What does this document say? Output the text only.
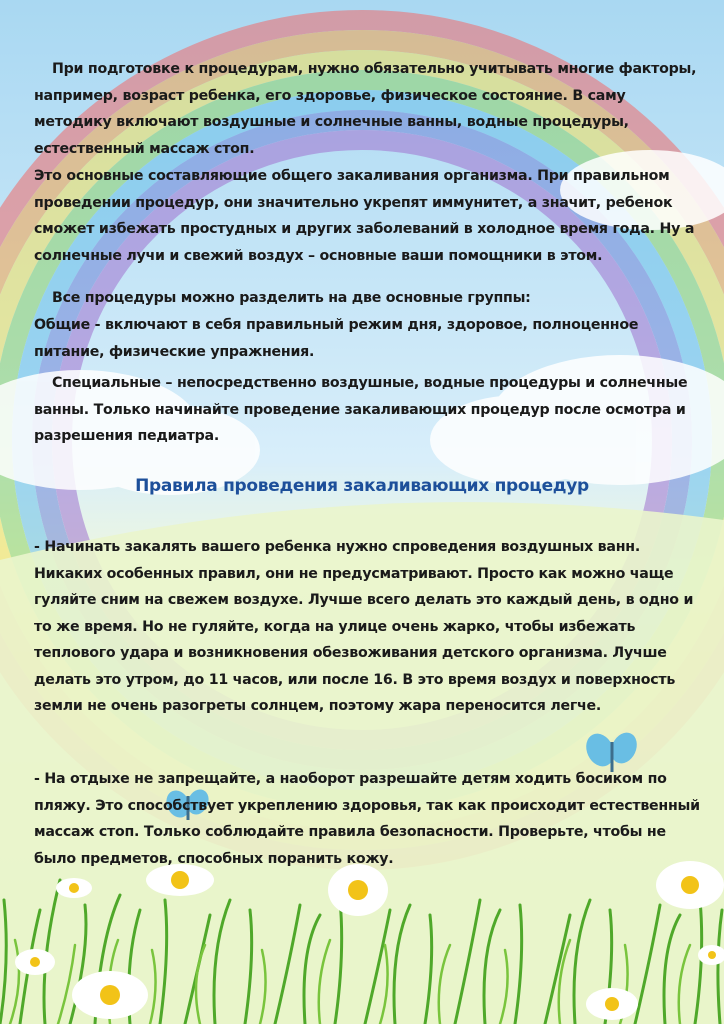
При подготовке к процедурам, нужно обязательно учитывать многие факторы, например, возраст ребенка, его здоровье, физическое состояние. В саму методику включают воздушные и солнечные ванны, водные процедуры, естественный массаж стоп.
Это основные составляющие общего закаливания организма. При правильном проведении процедур, они значительно укрепят иммунитет, а значит, ребенок сможет избежать простудных и других заболеваний в холодное время года. Ну а солнечные лучи и свежий воздух – основные ваши помощники в этом.
Все процедуры можно разделить на две основные группы:
Общие - включают в себя правильный режим дня, здоровое, полноценное питание, физические упражнения.
Специальные – непосредственно воздушные, водные процедуры и солнечные ванны. Только начинайте проведение закаливающих процедур после осмотра и разрешения педиатра.
Правила проведения закаливающих процедур
- Начинать закалять вашего ребенка нужно спроведения воздушных ванн. Никаких особенных правил, они не предусматривают. Просто как можно чаще гуляйте сним на свежем воздухе. Лучше всего делать это каждый день, в одно и то же время. Но не гуляйте, когда на улице очень жарко, чтобы избежать теплового удара и возникновения обезвоживания детского организма. Лучше делать это утром, до 11 часов, или после 16. В это время воздух и поверхность земли не очень разогреты солнцем, поэтому жара переносится легче.
- На отдыхе не запрещайте, а наоборот разрешайте детям ходить босиком по пляжу. Это способствует укреплению здоровья, так как происходит естественный массаж стоп. Только соблюдайте правила безопасности. Проверьте, чтобы не было предметов, способных поранить кожу.
